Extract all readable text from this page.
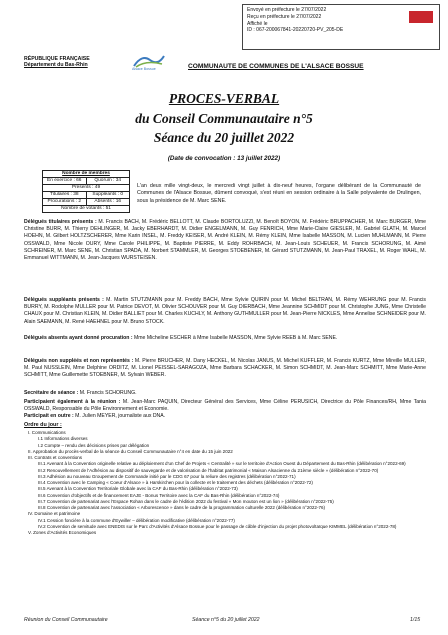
Envoyé en préfecture le 27/07/2022
Reçu en préfecture le 27/07/2022
Affiché le
ID : 067-200067841-20220720-PV_205-DE
RÉPUBLIQUE FRANÇAISE
Département du Bas-Rhin
Alsace Bossue	COMMUNAUTE DE COMMUNES DE L'ALSACE BOSSUE
PROCES-VERBAL
du Conseil Communautaire n°5
Séance du 20 juillet 2022
(Date de convocation : 13 juillet 2022)
Nombre de membres
En exercice : 66	Quorum : 34
Présents : 49
Titulaires : 38	Suppléants : 0
Procurations : 2	Absents : 16
Nombre de votants : 51
L'an deux mille vingt-deux, le mercredi vingt juillet à dix-neuf heures, l'organe délibérant de la Communauté de Communes de l'Alsace Bossue, dûment convoqué, s'est réuni en session ordinaire à la Salle polyvalente de Drulingen, sous la présidence de M. Marc SENE.
Délégués titulaires présents : M. Francis BACH, M. Frédéric BELLOTT, M. Claude BORTOLUZZI, M. Benoît BOYON, M. Frédéric BRUPPACHER, M. Marc BURGER, Mme Christine BURR, M. Thierry DEHLINGER, M. Jacky EBERHARDT, M. Didier ENGELMANN, M. Guy FENRICH, Mme Marie-Claire GIESLER, M. Gabriel GLATH, M. Marcel HOEHN, M. Gilbert HOLTZSCHERER, Mme Karin INSEL, M. Freddy KEISER, M. André KLEIN, M. Rémy KLEIN, Mme Isabelle MASSON, M. Lucien MUHLMANN, M. Pierre OSSWALD, Mme Nicole OURY, Mme Carole PHILIPPE, M. Baptiste PIERRE, M. Eddy ROHRBACH, M. Jean-Louis SCHEUER, M. Francis SCHORUNG, M. Aimé SCHREINER, M. Marc SENE, M. Christian SPADA, M. Norbert STAMMLER, M. Georges STOEBENER, M. Gérard STUTZMANN, M. Jean-Paul TRAXEL, M. Roger WAHL, M. Emmanuel WITTMANN, M. Jean-Jacques WURSTEISEN.
Délégués suppléants présents : M. Martin STUTZMANN pour M. Freddy BACH, Mme Sylvie QUIRIN pour M. Michel BELTRAN, M. Rémy WEHRUNG pour M. Francis BURRY, M. Rodolphe MULLER pour M. Patrice DEVOT, M. Olivier SCHOUVER pour M. Guy DIERBACH, Mme Jeannine SCHMIDT pour M. Christophe JUNG, Mme Christelle CHAUX pour M. Christian KLEIN, M. Didier BALLIET pour M. Charles KUCHLY, M. Anthony GUTHMULLER pour M. Jean-Pierre NICKLES, Mme Annelise SCHNEIDER pour M. Alain SAEMANN, M. René HAEHNEL pour M. Bruno STOCK.
Délégués absents ayant donné procuration : Mme Micheline ESCHER à Mme Isabelle MASSON, Mme Sylvie REEB à M. Marc SENE.
Délégués non suppléés et non représentés : M. Pierre BRUCHER, M. Dany HECKEL, M. Nicolas JANUS, M. Michel KUFFLER, M. Francis KURTZ, Mme Mireille MULLER, M. Paul NUSSLEIN, Mme Delphine ORDITZ, M. Lionel PEISSEL-SARAGOZA, Mme Barbara SCHACKER, M. Simon SCHMIDT, M. Jean-Marc SCHMITT, Mme Marie-Anne SCHMITT, Mme Guillemette STOEBNER, M. Sylvain WEBER.
Secrétaire de séance : M. Francis SCHORUNG.
Participaient également à la réunion : M. Jean-Marc PAQUIN, Directeur Général des Services, Mme Céline PERUSICH, Directrice du Pôle Finances/RH, Mme Tania OSSWALD, Responsable du Pôle Environnement et Economie.
Participait en outre : M. Julien MEYER, journaliste aux DNA.
Ordre du jour :
I. Communications
I.1 Informations diverses
I.2 Compte – rendu des décisions prises par délégation
II. Approbation du procès-verbal de la séance du Conseil Communautaire n°4 en date du 15 juin 2022
III. Contrats et conventions
III.1 Avenant à la Convention originelle relative au déploiement d'un Chef de Projets « Centralité » sur le territoire d'Action Ouest du Département du Bas-Rhin (délibération n°2022-69)
III.2 Renouvellement de l'Adhésion au dispositif de sauvegarde et de valorisation de l'habitat patrimonial « Maison Alsacienne du 21ème siècle » (délibération n°2022-70)
III.3 Adhésion au nouveau Groupement de Commande initié par le CDG 67 pour la reliure des registres (délibération n°2022-71)
III.4 Convention avec le Camping « Coeur d'Alsace » à Harskirchen pour la collecte et le traitement des déchets (délibération n°2022-72)
III.5 Avenant à la Convention Territoriale Globale avec la CAF du Bas-Rhin (délibération n°2022-73)
III.6 Convention d'objectifs et de financement EAJE - Bonus Territoire avec la CAF du Bas-Rhin (délibération n°2022-74)
III.7 Convention de partenariat avec l'Espace Rohan dans le cadre de l'édition 2022 du festival « Mon mouton est un lion » (délibération n°2022-75)
III.8 Convention de partenariat avec l'association « Arborescence » dans le cadre de la programmation culturelle 2022 (délibération n°2022-76)
IV. Domaine et patrimoine
IV.1 Cession foncière à la commune d'Eywiller – délibération modificative (délibération n°2022-77)
IV.2 Convention de servitude avec ENEDIS sur le Parc d'Activités d'Alsace Bossue pour le passage de câble d'injection du projet photovoltaïque KIMMEL (délibération n°2022-78)
V. Zones d'Activités Economiques
Réunion du Conseil Communautaire	Séance n°5 du 20 juillet 2022	1/15
